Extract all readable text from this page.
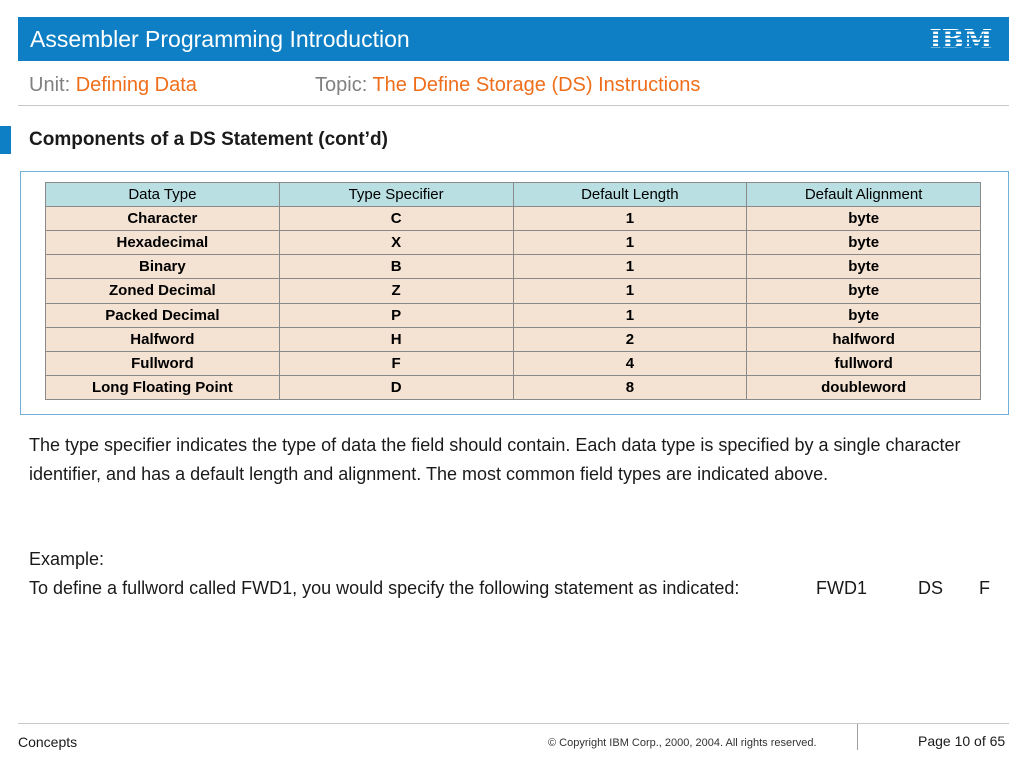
Assembler Programming Introduction
Unit: Defining Data	Topic: The Define Storage (DS) Instructions
Components of a DS Statement (cont’d)
Data Type	Type Specifier	Default Length	Default Alignment
Character	C	1	byte
Hexadecimal	X	1	byte
Binary	B	1	byte
Zoned Decimal	Z	1	byte
Packed Decimal	P	1	byte
Halfword	H	2	halfword
Fullword	F	4	fullword
Long Floating Point	D	8	doubleword
The type specifier indicates the type of data the field should contain. Each data type is specified by a single character identifier, and has a default length and alignment. The most common field types are indicated above.
Example:
To define a fullword called FWD1, you would specify the following statement as indicated:	FWD1	DS F
Concepts	© Copyright IBM Corp., 2000, 2004. All rights reserved.	Page 10 of 65
